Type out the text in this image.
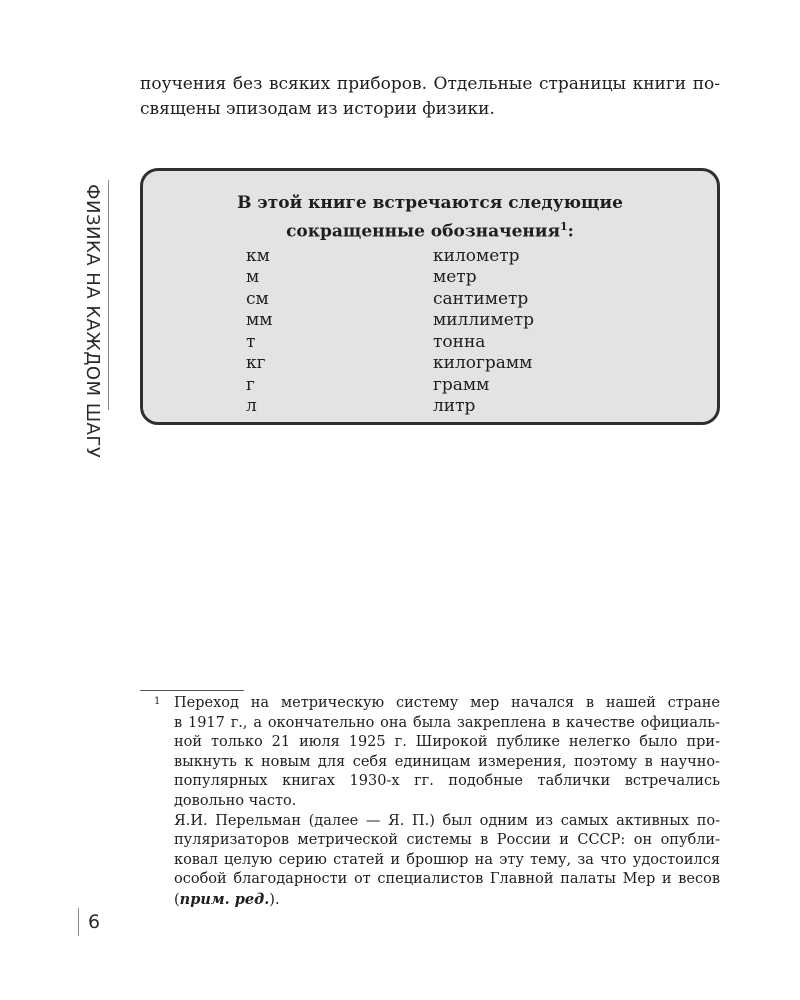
поучения без всяких приборов. Отдельные страницы книги по-
священы эпизодам из истории физики.
ФИЗИКА НА КАЖДОМ ШАГУ	В этой книге встречаются следующие
сокращенные обозначения$^1$:
км	километр
м	метр
см	сантиметр
мм	миллиметр
т	тонна
кг	килограмм
г	грамм
л	литр
1 Переход на метрическую систему мер начался в нашей стране
в 1917 г., а окончательно она была закреплена в качестве официаль-
ной только 21 июля 1925 г. Широкой публике нелегко было при-
выкнуть к новым для себя единицам измерения, поэтому в научно-
популярных книгах 1930-х гг. подобные таблички встречались
довольно часто.
Я.И. Перельман (далее — Я. П.) был одним из самых активных по-
пуляризаторов метрической системы в России и СССР: он опубли-
ковал целую серию статей и брошюр на эту тему, за что удостоился
особой благодарности от специалистов Главной палаты Мер и весов
(прим. ред.).
6
